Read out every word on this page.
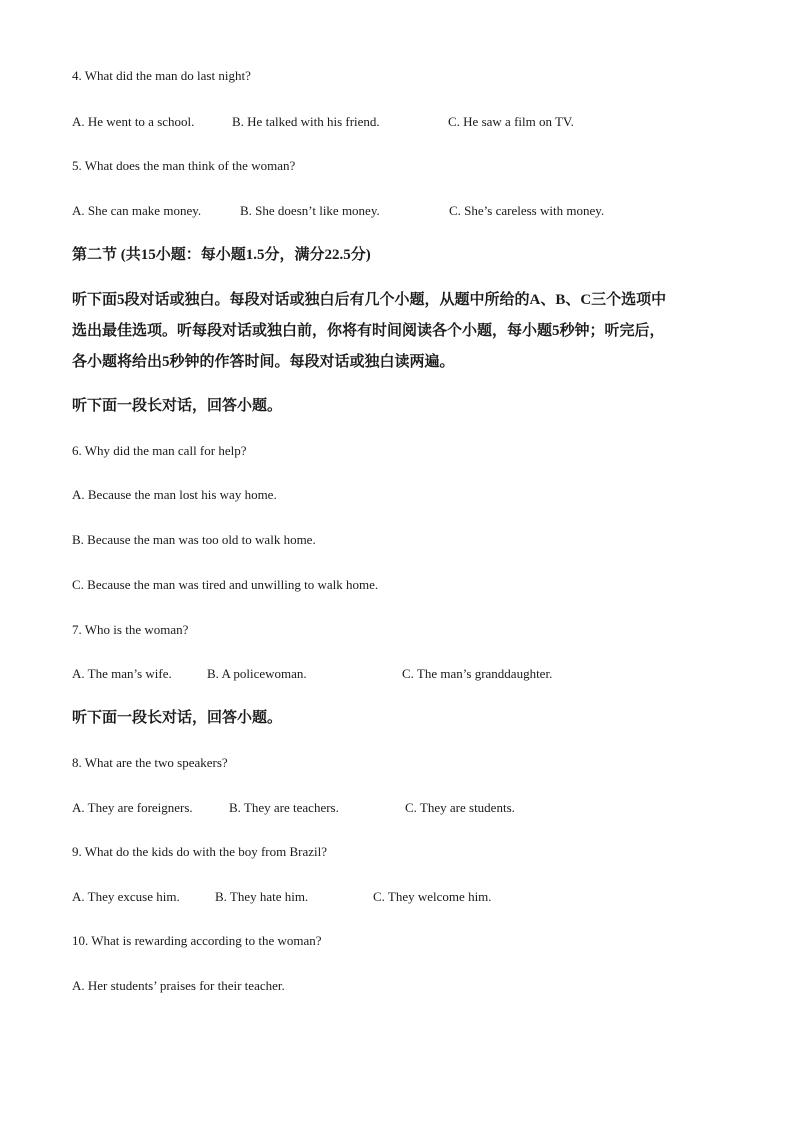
4. What did the man do last night?
A. He went to a school.	B. He talked with his friend.	C. He saw a film on TV.
5. What does the man think of the woman?
A. She can make money.	B. She doesn’t like money.	C. She’s careless with money.
第二节 (共15小题：每小题1.5分，满分22.5分)
听下面5段对话或独白。每段对话或独白后有几个小题，从题中所给的A、B、C三个选项中
选出最佳选项。听每段对话或独白前，你将有时间阅读各个小题，每小题5秒钟；听完后，
各小题将给出5秒钟的作答时间。每段对话或独白读两遍。
听下面一段长对话，回答小题。
6. Why did the man call for help?
A. Because the man lost his way home.
B. Because the man was too old to walk home.
C. Because the man was tired and unwilling to walk home.
7. Who is the woman?
A. The man’s wife.	B. A policewoman.	C. The man’s granddaughter.
听下面一段长对话，回答小题。
8. What are the two speakers?
A. They are foreigners.	B. They are teachers.	C. They are students.
9. What do the kids do with the boy from Brazil?
A. They excuse him.	B. They hate him.	C. They welcome him.
10. What is rewarding according to the woman?
A. Her students’ praises for their teacher.
